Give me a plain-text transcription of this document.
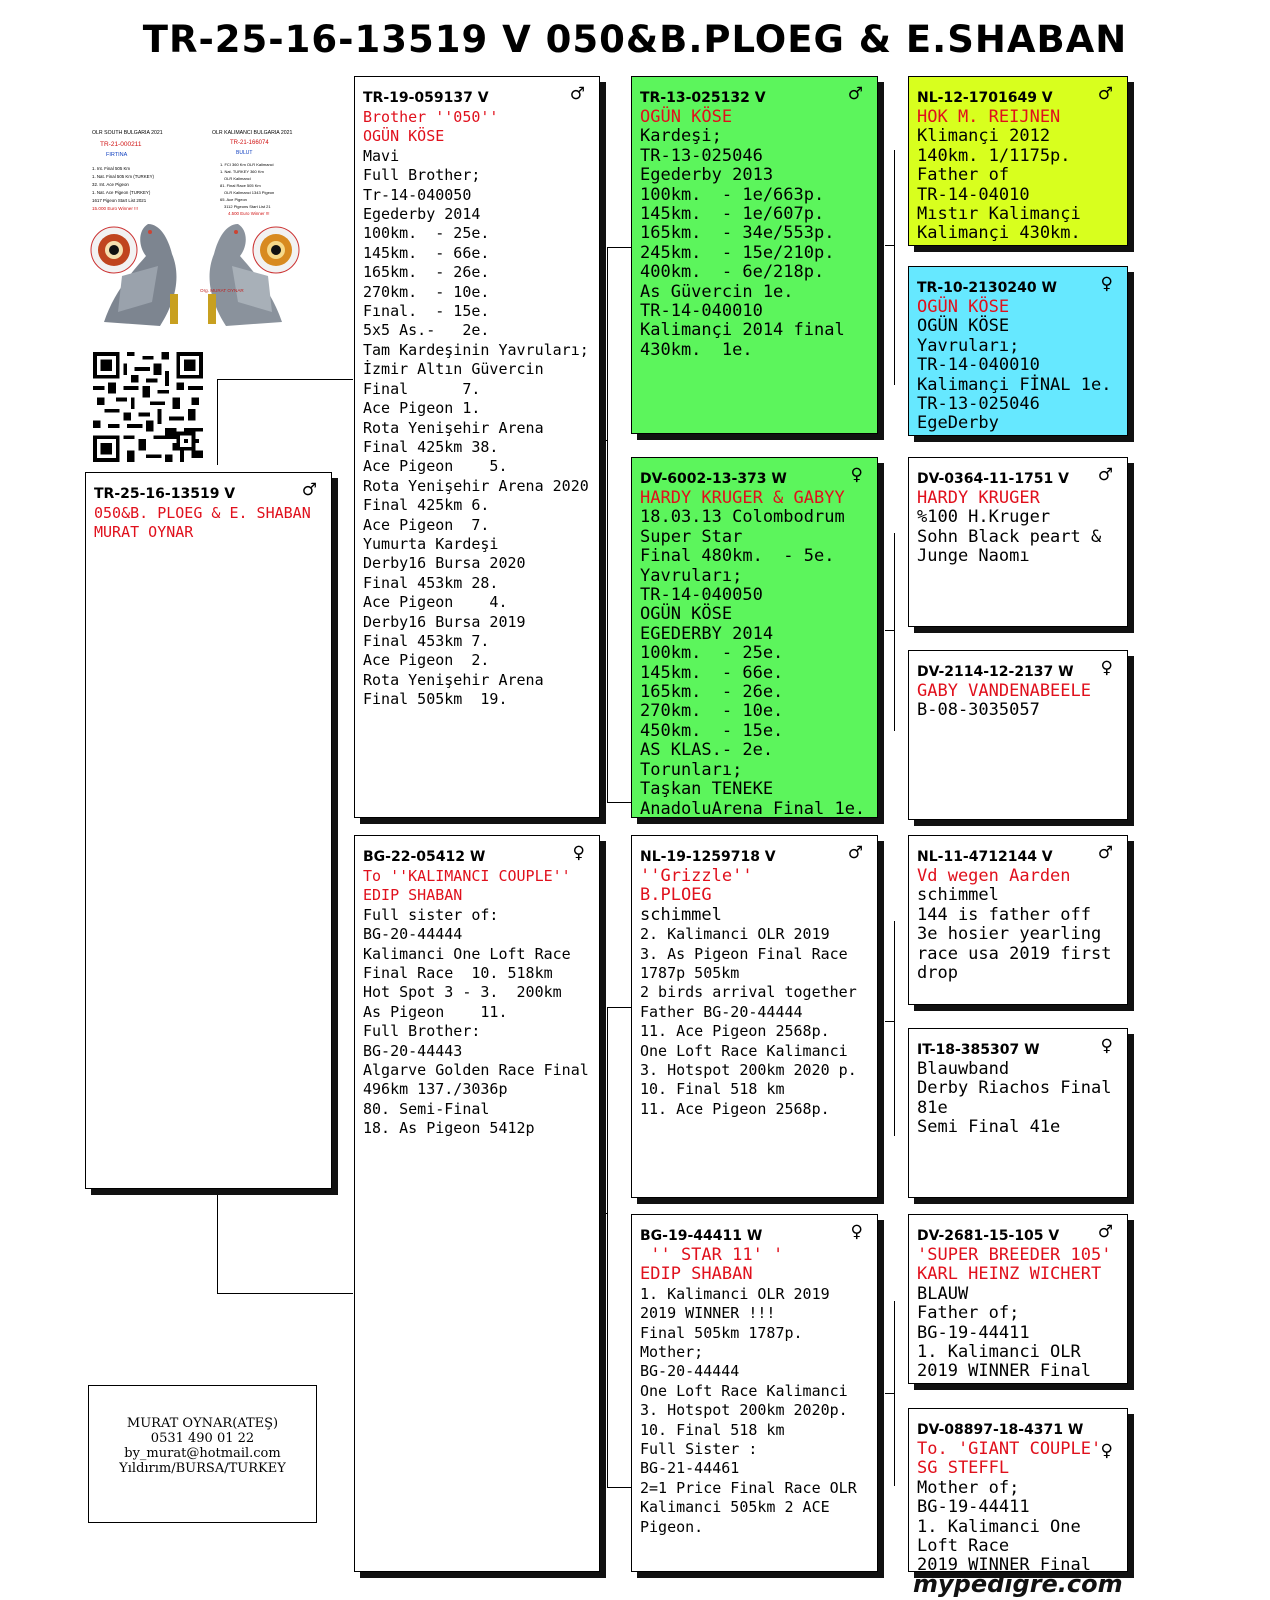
TR-25-16-13519 V 050&B.PLOEG & E.SHABAN
OLR SOUTH BULGARIA 2021
TR-21-000211
FIRTINA
1. Int. Final 505 Km
1. Nat. Final 505 Km (TURKEY)
32. Int. Ace Pigeon
1. Nat. Ace Pigeon (TURKEY)
1617 Pigeon Start List 2021
15.000 Euro Winner !!!
OLR KALIMANCI BULGARIA 2021
TR-21-166074
BULUT
1. FCI 360 Km OLR Kalimanci
1. Nat. TURKEY 360 Km
OLR Kalimanci
81. Final Race 505 Km
OLR Kalimanci 1343 Pigeon
65. Ace Pigeon
3112 Pigeons Start List 21
4.500 Euro Winner !!!
Org. MURAT OYNAR
TR-25-16-13519 V	♂
050&B. PLOEG & E. SHABAN
MURAT OYNAR
TR-19-059137 V	♂
Brother ''050''
OGÜN KÖSE
Mavi
Full Brother;
Tr-14-040050
Egederby 2014
100km.  - 25e.
145km.  - 66e.
165km.  - 26e.
270km.  - 10e.
Fınal.  - 15e.
5x5 As.-   2e.
Tam Kardeşinin Yavruları;
İzmir Altın Güvercin
Final      7.
Ace Pigeon 1.
Rota Yenişehir Arena
Final 425km 38.
Ace Pigeon    5.
Rota Yenişehir Arena 2020
Final 425km 6.
Ace Pigeon  7.
Yumurta Kardeşi
Derby16 Bursa 2020
Final 453km 28.
Ace Pigeon    4.
Derby16 Bursa 2019
Final 453km 7.
Ace Pigeon  2.
Rota Yenişehir Arena
Final 505km  19.
BG-22-05412 W	♀
To ''KALIMANCI COUPLE''
EDIP SHABAN
Full sister of:
BG-20-44444
Kalimanci One Loft Race
Final Race  10. 518km
Hot Spot 3 - 3.  200km
As Pigeon    11.
Full Brother:
BG-20-44443
Algarve Golden Race Final
496km 137./3036p
80. Semi-Final
18. As Pigeon 5412p
TR-13-025132 V	♂
OGÜN KÖSE
Kardeşi;
TR-13-025046
Egederby 2013
100km.  - 1e/663p.
145km.  - 1e/607p.
165km.  - 34e/553p.
245km.  - 15e/210p.
400km.  - 6e/218p.
As Güvercin 1e.
TR-14-040010
Kalimançi 2014 final
430km.  1e.
DV-6002-13-373 W	♀
HARDY KRUGER & GABYY
18.03.13 Colombodrum
Super Star
Final 480km.  - 5e.
Yavruları;
TR-14-040050
OGÜN KÖSE
EGEDERBY 2014
100km.  - 25e.
145km.  - 66e.
165km.  - 26e.
270km.  - 10e.
450km.  - 15e.
AS KLAS.- 2e.
Torunları;
Taşkan TENEKE
AnadoluArena Final 1e.
NL-19-1259718 V	♂
''Grizzle''
B.PLOEG
schimmel
2. Kalimanci OLR 2019
3. As Pigeon Final Race
1787p 505km
2 birds arrival together
Father BG-20-44444
11. Ace Pigeon 2568p.
One Loft Race Kalimanci
3. Hotspot 200km 2020 p.
10. Final 518 km
11. Ace Pigeon 2568p.
BG-19-44411 W	♀
'' STAR 11' '
EDIP SHABAN
1. Kalimanci OLR 2019
2019 WINNER !!!
Final 505km 1787p.
Mother;
BG-20-44444
One Loft Race Kalimanci
3. Hotspot 200km 2020p.
10. Final 518 km
Full Sister :
BG-21-44461
2=1 Price Final Race OLR
Kalimanci 505km 2 ACE
Pigeon.
NL-12-1701649 V	♂
HOK M. REIJNEN
Klimançi 2012
140km. 1/1175p.
Father of
TR-14-04010
Mıstır Kalimançi
Kalimançi 430km.
TR-10-2130240 W	♀
OGÜN KÖSE
OGÜN KÖSE
Yavruları;
TR-14-040010
Kalimançi FİNAL 1e.
TR-13-025046
EgeDerby
DV-0364-11-1751 V	♂
HARDY KRUGER
%100 H.Kruger
Sohn Black peart &
Junge Naomı
DV-2114-12-2137 W	♀
GABY VANDENABEELE
B-08-3035057
NL-11-4712144 V	♂
Vd wegen Aarden
schimmel
144 is father off
3e hosier yearling
race usa 2019 first
drop
IT-18-385307 W	♀
Blauwband
Derby Riachos Final
81e
Semi Final 41e
DV-2681-15-105 V	♂
'SUPER BREEDER 105'
KARL HEINZ WICHERT
BLAUW
Father of;
BG-19-44411
1. Kalimanci OLR
2019 WINNER Final
DV-08897-18-4371 W
♀
To. 'GIANT COUPLE'
SG STEFFL
Mother of;
BG-19-44411
1. Kalimanci One
Loft Race
2019 WINNER Final
MURAT OYNAR(ATEŞ)
0531 490 01 22
by_murat@hotmail.com
Yıldırım/BURSA/TURKEY
mypedigre.com
